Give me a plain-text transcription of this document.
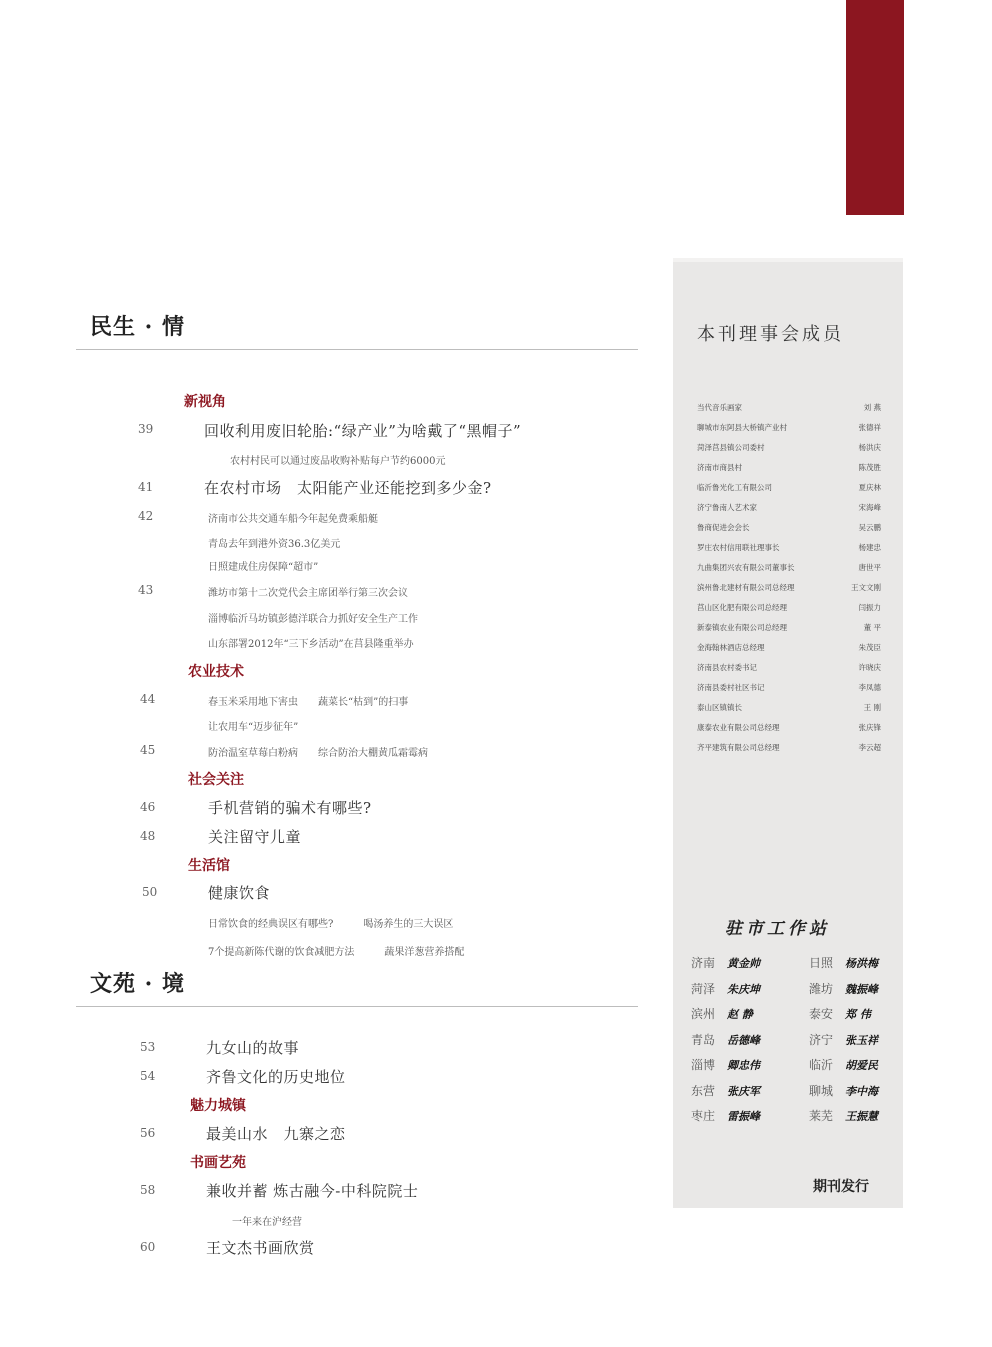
民生 · 情
新视角
39	回收利用废旧轮胎:“绿产业”为啥戴了“黑帽子”
农村村民可以通过废品收购补贴每户节约6000元
41	在农村市场　太阳能产业还能挖到多少金?
42	济南市公共交通车船今年起免费乘船艇
青岛去年到港外资36.3亿美元
日照建成住房保障“超市”
43	潍坊市第十二次党代会主席团举行第三次会议
淄博临沂马坊镇彭德洋联合力抓好安全生产工作
山东部署2012年“三下乡活动”在莒县隆重举办
农业技术
44	春玉米采用地下害虫　　蔬菜长“枯到”的扫事
让农用车“迈步征年”
45	防治温室草莓白粉病　　综合防治大棚黄瓜霜霉病
社会关注
46	手机营销的骗术有哪些?
48	关注留守儿童
生活馆
50	健康饮食
日常饮食的经典误区有哪些?　　　喝汤养生的三大误区
7个提高新陈代谢的饮食减肥方法　　　蔬果洋葱营养搭配
文苑 · 境
53	九女山的故事
54	齐鲁文化的历史地位
魅力城镇
56	最美山水　九寨之恋
书画艺苑
58	兼收并蓄 炼古融今-中科院院士
一年来在沪经营
60	王文杰书画欣赏
本刊理事会成员
当代音乐画家	刘 燕
聊城市东阿县大桥镇产业村	张德祥
菏泽莒县镇公司委村	杨洪庆
济南市商县村	陈茂胜
临沂鲁光化工有限公司	夏庆林
济宁鲁南人艺术家	宋海峰
鲁商促进会会长	吴云鹏
罗庄农村信用联社理事长	杨建忠
九曲集团兴农有限公司董事长	唐世平
滨州鲁北建材有限公司总经理	王文文刚
莒山区化肥有限公司总经理	闫振力
新泰镇农业有限公司总经理	董 平
金海翰林酒店总经理	朱茂臣
济南县农村委书记	许晓庆
济南县委村社区书记	李凤德
泰山区镇镇长	王 刚
康泰农业有限公司总经理	张庆锋
齐平建筑有限公司总经理	李云超
驻市工作站
济南 黄金帅	日照 杨洪梅
菏泽 朱庆坤	潍坊 魏振峰
滨州 赵 静	泰安 郑 伟
青岛 岳德峰	济宁 张玉祥
淄博 卿忠伟	临沂 胡爱民
东营 张庆军	聊城 李中海
枣庄 雷振峰	莱芜 王振慧
期刊发行
